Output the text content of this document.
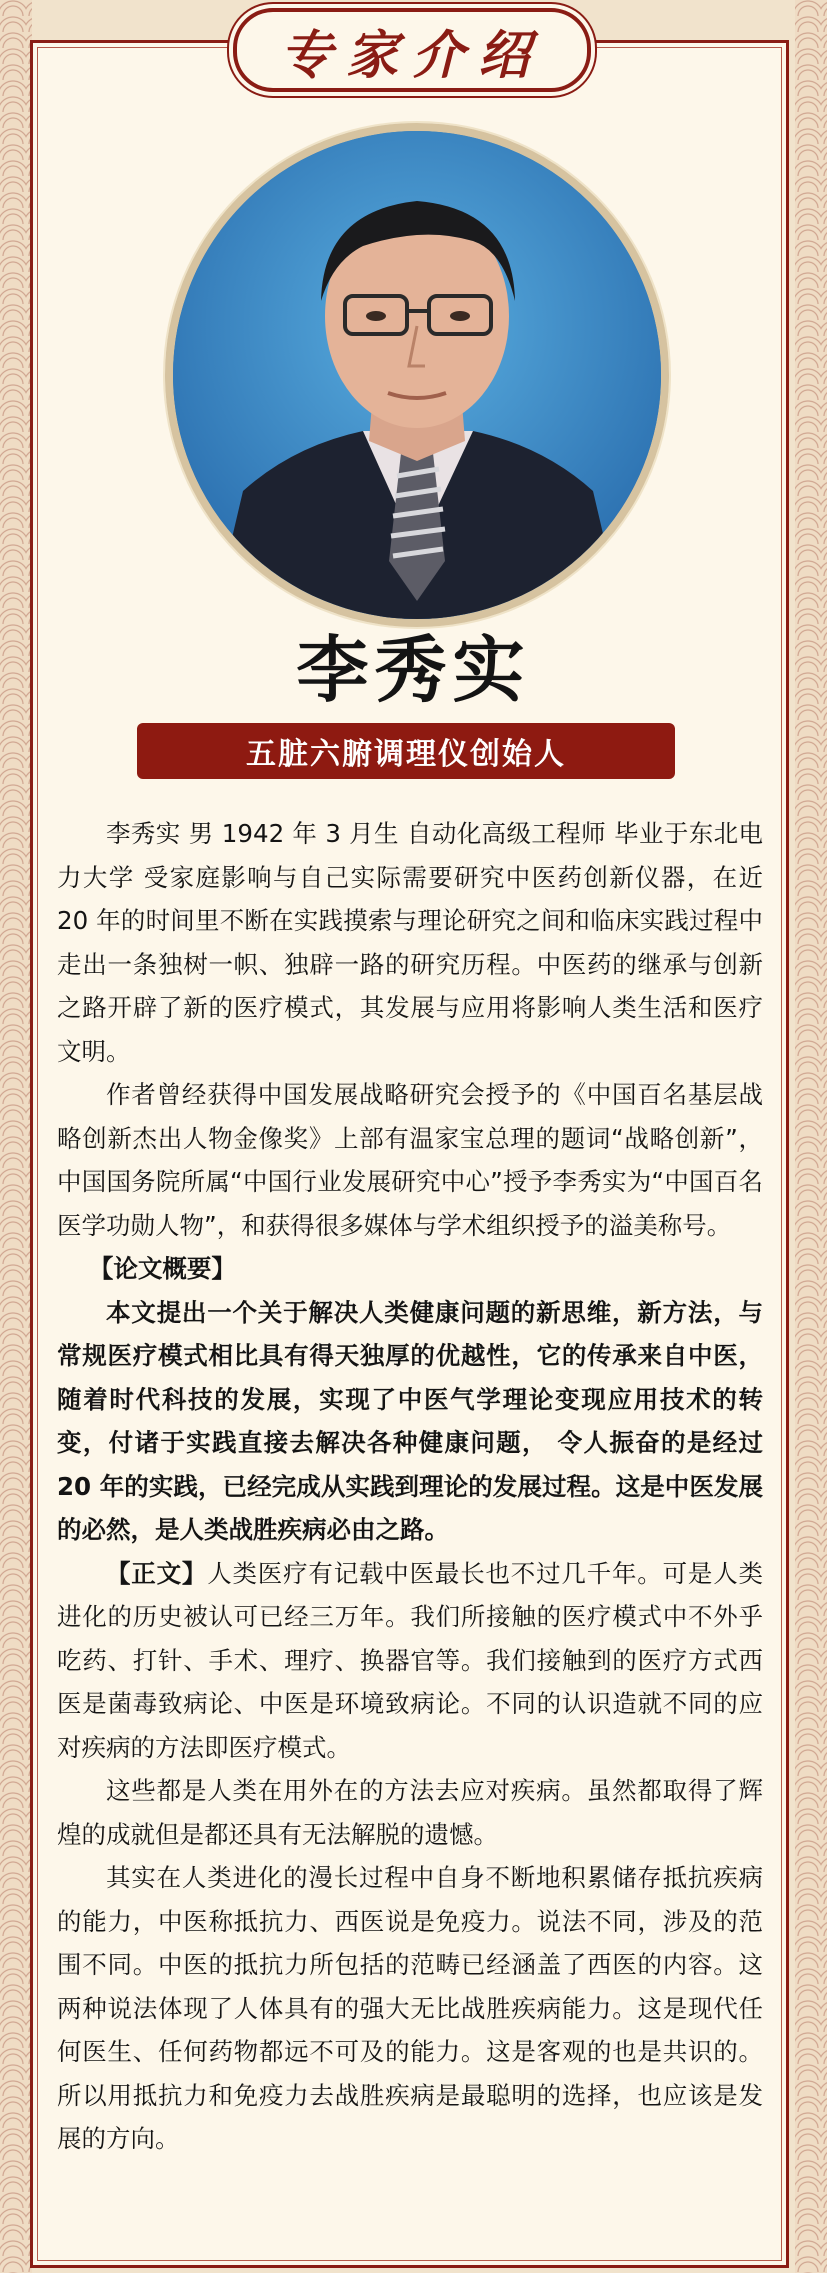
专家介绍
李秀实
五脏六腑调理仪创始人

李秀实 男 1942 年 3 月生 自动化高级工程师 毕业于东北电力大学 受家庭影响与自己实际需要研究中医药创新仪器，在近 20 年的时间里不断在实践摸索与理论研究之间和临床实践过程中走出一条独树一帜、独辟一路的研究历程。中医药的继承与创新之路开辟了新的医疗模式，其发展与应用将影响人类生活和医疗文明。

作者曾经获得中国发展战略研究会授予的《中国百名基层战略创新杰出人物金像奖》上部有温家宝总理的题词“战略创新”，中国国务院所属“中国行业发展研究中心”授予李秀实为“中国百名医学功勋人物”，和获得很多媒体与学术组织授予的溢美称号。

【论文概要】

本文提出一个关于解决人类健康问题的新思维，新方法，与常规医疗模式相比具有得天独厚的优越性，它的传承来自中医，随着时代科技的发展，实现了中医气学理论变现应用技术的转变，付诸于实践直接去解决各种健康问题， 令人振奋的是经过 20 年的实践，已经完成从实践到理论的发展过程。这是中医发展的必然，是人类战胜疾病必由之路。

【正文】人类医疗有记载中医最长也不过几千年。可是人类进化的历史被认可已经三万年。我们所接触的医疗模式中不外乎吃药、打针、手术、理疗、换器官等。我们接触到的医疗方式西医是菌毒致病论、中医是环境致病论。不同的认识造就不同的应对疾病的方法即医疗模式。

这些都是人类在用外在的方法去应对疾病。虽然都取得了辉煌的成就但是都还具有无法解脱的遗憾。

其实在人类进化的漫长过程中自身不断地积累储存抵抗疾病的能力，中医称抵抗力、西医说是免疫力。说法不同，涉及的范围不同。中医的抵抗力所包括的范畴已经涵盖了西医的内容。这两种说法体现了人体具有的强大无比战胜疾病能力。这是现代任何医生、任何药物都远不可及的能力。这是客观的也是共识的。所以用抵抗力和免疫力去战胜疾病是最聪明的选择，也应该是发展的方向。
